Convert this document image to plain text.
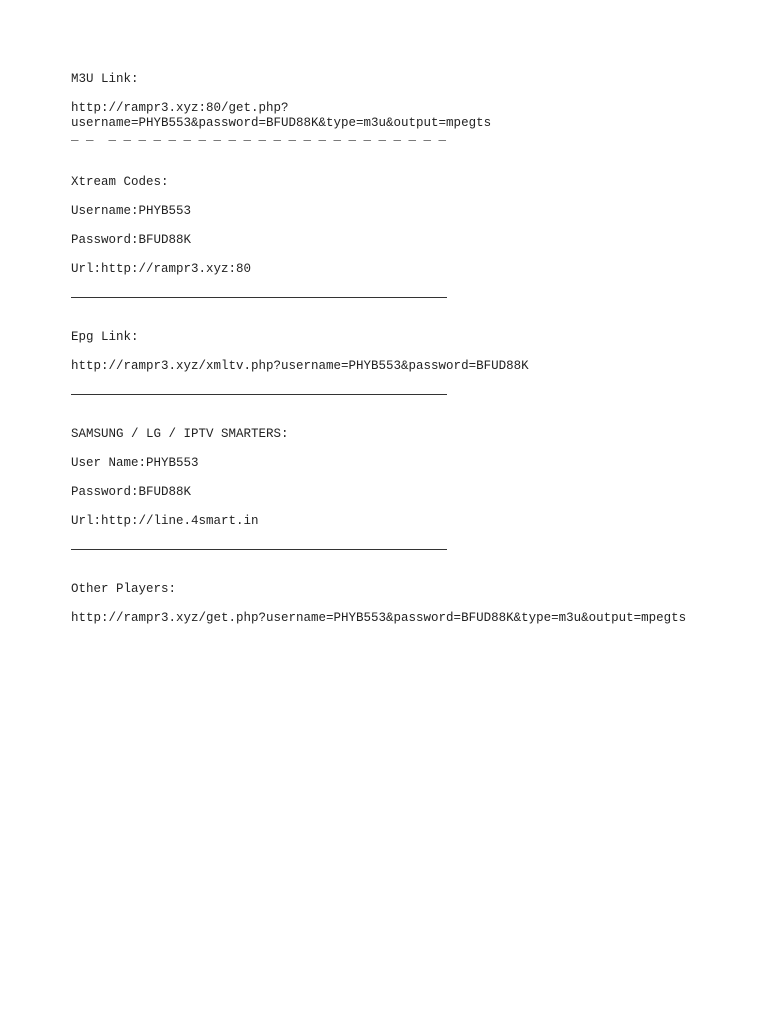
M3U Link:

http://rampr3.xyz:80/get.php?

username=PHYB553&password=BFUD88K&type=m3u&output=mpegts

_ _  _ _ _ _ _ _ _ _ _ _ _ _ _ _ _ _ _ _ _ _ _ _ _

Xtream Codes:

Username:PHYB553

Password:BFUD88K

Url:http://rampr3.xyz:80

Epg Link:

http://rampr3.xyz/xmltv.php?username=PHYB553&password=BFUD88K

SAMSUNG / LG / IPTV SMARTERS:

User Name:PHYB553

Password:BFUD88K

Url:http://line.4smart.in

Other Players:

http://rampr3.xyz/get.php?username=PHYB553&password=BFUD88K&type=m3u&output=mpegts
